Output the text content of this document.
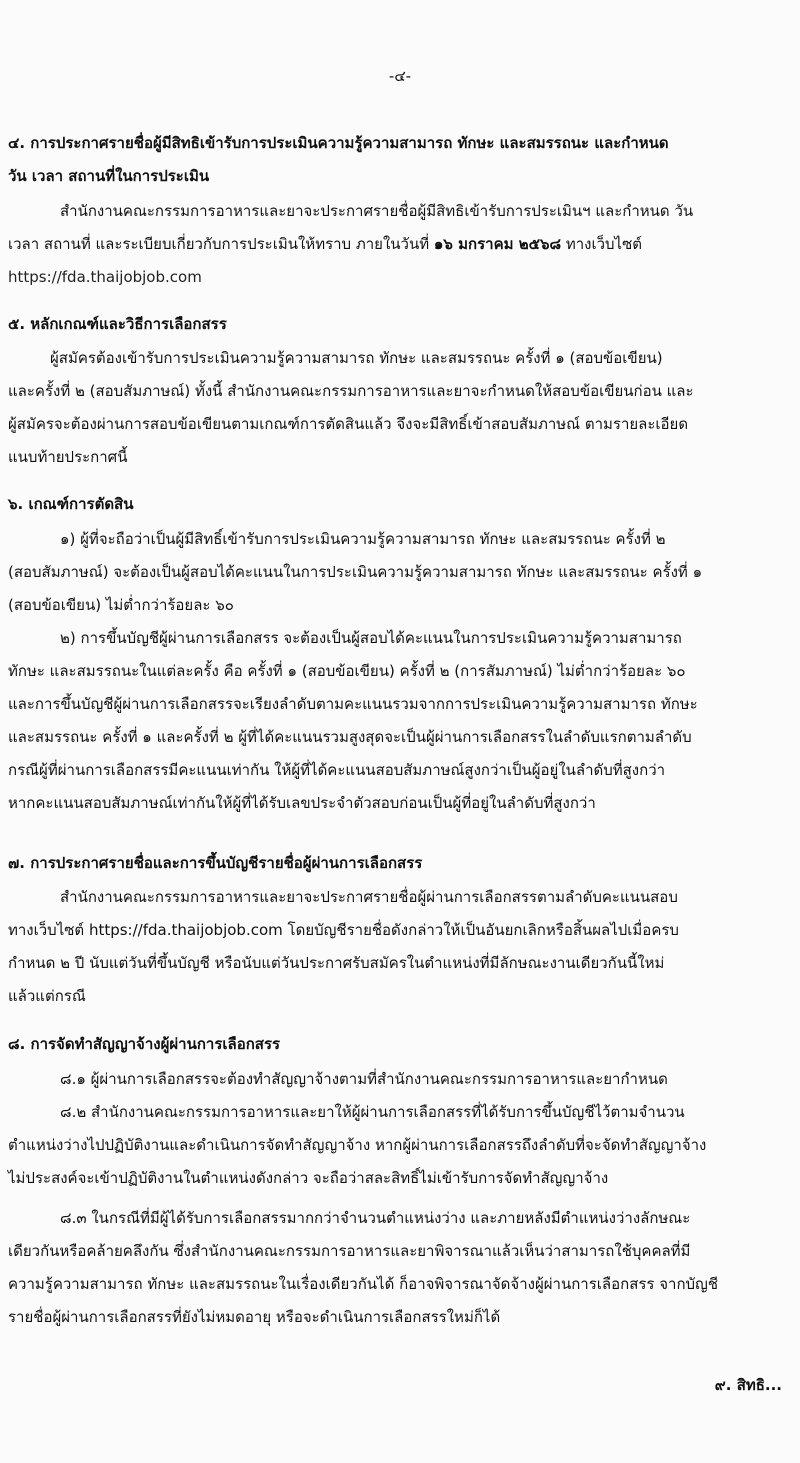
-๔-
๔. การประกาศรายชื่อผู้มีสิทธิเข้ารับการประเมินความรู้ความสามารถ ทักษะ และสมรรถนะ และกำหนด
วัน เวลา สถานที่ในการประเมิน
สำนักงานคณะกรรมการอาหารและยาจะประกาศรายชื่อผู้มีสิทธิเข้ารับการประเมินฯ และกำหนด วัน
เวลา สถานที่ และระเบียบเกี่ยวกับการประเมินให้ทราบ ภายในวันที่ ๑๖ มกราคม ๒๕๖๘ ทางเว็บไซต์
https://fda.thaijobjob.com
๕. หลักเกณฑ์และวิธีการเลือกสรร
ผู้สมัครต้องเข้ารับการประเมินความรู้ความสามารถ ทักษะ และสมรรถนะ ครั้งที่ ๑ (สอบข้อเขียน)
และครั้งที่ ๒ (สอบสัมภาษณ์) ทั้งนี้ สำนักงานคณะกรรมการอาหารและยาจะกำหนดให้สอบข้อเขียนก่อน และ
ผู้สมัครจะต้องผ่านการสอบข้อเขียนตามเกณฑ์การตัดสินแล้ว จึงจะมีสิทธิ์เข้าสอบสัมภาษณ์ ตามรายละเอียด
แนบท้ายประกาศนี้
๖. เกณฑ์การตัดสิน
๑) ผู้ที่จะถือว่าเป็นผู้มีสิทธิ์เข้ารับการประเมินความรู้ความสามารถ ทักษะ และสมรรถนะ ครั้งที่ ๒
(สอบสัมภาษณ์) จะต้องเป็นผู้สอบได้คะแนนในการประเมินความรู้ความสามารถ ทักษะ และสมรรถนะ ครั้งที่ ๑
(สอบข้อเขียน) ไม่ต่ำกว่าร้อยละ ๖๐
๒) การขึ้นบัญชีผู้ผ่านการเลือกสรร จะต้องเป็นผู้สอบได้คะแนนในการประเมินความรู้ความสามารถ
ทักษะ และสมรรถนะในแต่ละครั้ง คือ ครั้งที่ ๑ (สอบข้อเขียน) ครั้งที่ ๒ (การสัมภาษณ์) ไม่ต่ำกว่าร้อยละ ๖๐
และการขึ้นบัญชีผู้ผ่านการเลือกสรรจะเรียงลำดับตามคะแนนรวมจากการประเมินความรู้ความสามารถ ทักษะ
และสมรรถนะ ครั้งที่ ๑ และครั้งที่ ๒ ผู้ที่ได้คะแนนรวมสูงสุดจะเป็นผู้ผ่านการเลือกสรรในลำดับแรกตามลำดับ
กรณีผู้ที่ผ่านการเลือกสรรมีคะแนนเท่ากัน ให้ผู้ที่ได้คะแนนสอบสัมภาษณ์สูงกว่าเป็นผู้อยู่ในลำดับที่สูงกว่า
หากคะแนนสอบสัมภาษณ์เท่ากันให้ผู้ที่ได้รับเลขประจำตัวสอบก่อนเป็นผู้ที่อยู่ในลำดับที่สูงกว่า
๗. การประกาศรายชื่อและการขึ้นบัญชีรายชื่อผู้ผ่านการเลือกสรร
สำนักงานคณะกรรมการอาหารและยาจะประกาศรายชื่อผู้ผ่านการเลือกสรรตามลำดับคะแนนสอบ
ทางเว็บไซต์ https://fda.thaijobjob.com โดยบัญชีรายชื่อดังกล่าวให้เป็นอันยกเลิกหรือสิ้นผลไปเมื่อครบ
กำหนด ๒ ปี นับแต่วันที่ขึ้นบัญชี หรือนับแต่วันประกาศรับสมัครในตำแหน่งที่มีลักษณะงานเดียวกันนี้ใหม่
แล้วแต่กรณี
๘. การจัดทำสัญญาจ้างผู้ผ่านการเลือกสรร
๘.๑ ผู้ผ่านการเลือกสรรจะต้องทำสัญญาจ้างตามที่สำนักงานคณะกรรมการอาหารและยากำหนด
๘.๒ สำนักงานคณะกรรมการอาหารและยาให้ผู้ผ่านการเลือกสรรที่ได้รับการขึ้นบัญชีไว้ตามจำนวน
ตำแหน่งว่างไปปฏิบัติงานและดำเนินการจัดทำสัญญาจ้าง หากผู้ผ่านการเลือกสรรถึงลำดับที่จะจัดทำสัญญาจ้าง
ไม่ประสงค์จะเข้าปฏิบัติงานในตำแหน่งดังกล่าว จะถือว่าสละสิทธิ์ไม่เข้ารับการจัดทำสัญญาจ้าง
๘.๓ ในกรณีที่มีผู้ได้รับการเลือกสรรมากกว่าจำนวนตำแหน่งว่าง และภายหลังมีตำแหน่งว่างลักษณะ
เดียวกันหรือคล้ายคลึงกัน ซึ่งสำนักงานคณะกรรมการอาหารและยาพิจารณาแล้วเห็นว่าสามารถใช้บุคคลที่มี
ความรู้ความสามารถ ทักษะ และสมรรถนะในเรื่องเดียวกันได้ ก็อาจพิจารณาจัดจ้างผู้ผ่านการเลือกสรร จากบัญชี
รายชื่อผู้ผ่านการเลือกสรรที่ยังไม่หมดอายุ หรือจะดำเนินการเลือกสรรใหม่ก็ได้
๙. สิทธิ...
